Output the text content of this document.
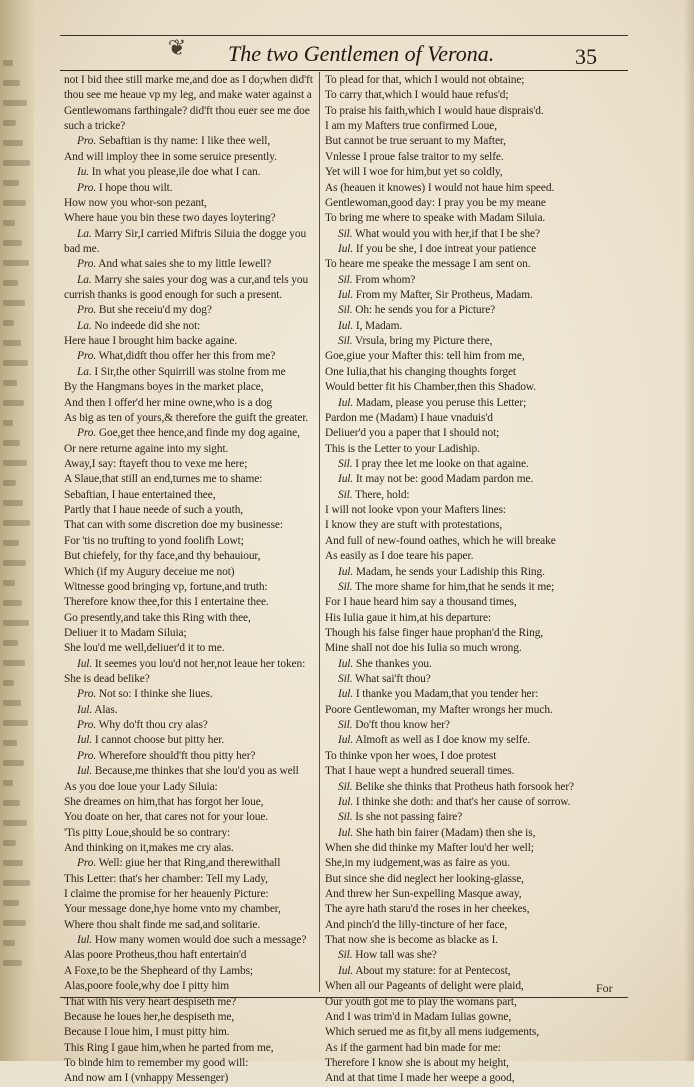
❦ The two Gentlemen of Verona.	35
not I bid thee still marke me,and doe as I do;when did'ft
thou see me heaue vp my leg, and make water against a
Gentlewomans farthingale? did'ft thou euer see me doe
such a tricke?
Pro. Sebaftian is thy name: I like thee well,
And will imploy thee in some seruice presently.
Iu. In what you please,ile doe what I can.
Pro. I hope thou wilt.
How now you whor-son pezant,
Where haue you bin these two dayes loytering?
La. Marry Sir,I carried Miftris Siluia the dogge you
bad me.
Pro. And what saies she to my little Iewell?
La. Marry she saies your dog was a cur,and tels you
currish thanks is good enough for such a present.
Pro. But she receiu'd my dog?
La. No indeede did she not:
Here haue I brought him backe againe.
Pro. What,didft thou offer her this from me?
La. I Sir,the other Squirrill was stolne from me
By the Hangmans boyes in the market place,
And then I offer'd her mine owne,who is a dog
As big as ten of yours,& therefore the guift the greater.
Pro. Goe,get thee hence,and finde my dog againe,
Or nere returne againe into my sight.
Away,I say: ftayeft thou to vexe me here;
A Slaue,that still an end,turnes me to shame:
Sebaftian, I haue entertained thee,
Partly that I haue neede of such a youth,
That can with some discretion doe my businesse:
For 'tis no trufting to yond foolifh Lowt;
But chiefely, for thy face,and thy behauiour,
Which (if my Augury deceiue me not)
Witnesse good bringing vp, fortune,and truth:
Therefore know thee,for this I entertaine thee.
Go presently,and take this Ring with thee,
Deliuer it to Madam Siluia;
She lou'd me well,deliuer'd it to me.
Iul. It seemes you lou'd not her,not leaue her token:
She is dead belike?
Pro. Not so: I thinke she liues.
Iul. Alas.
Pro. Why do'ft thou cry alas?
Iul. I cannot choose but pitty her.
Pro. Wherefore should'ft thou pitty her?
Iul. Because,me thinkes that she lou'd you as well
As you doe loue your Lady Siluia:
She dreames on him,that has forgot her loue,
You doate on her, that cares not for your loue.
'Tis pitty Loue,should be so contrary:
And thinking on it,makes me cry alas.
Pro. Well: giue her that Ring,and therewithall
This Letter: that's her chamber: Tell my Lady,
I claime the promise for her heauenly Picture:
Your message done,hye home vnto my chamber,
Where thou shalt finde me sad,and solitarie.
Iul. How many women would doe such a message?
Alas poore Protheus,thou haft entertain'd
A Foxe,to be the Shepheard of thy Lambs;
Alas,poore foole,why doe I pitty him
That with his very heart despiseth me?
Because he loues her,he despiseth me,
Because I loue him, I must pitty him.
This Ring I gaue him,when he parted from me,
To binde him to remember my good will:
And now am I (vnhappy Messenger)
To plead for that, which I would not obtaine;
To carry that,which I would haue refus'd;
To praise his faith,which I would haue disprais'd.
I am my Mafters true confirmed Loue,
But cannot be true seruant to my Mafter,
Vnlesse I proue false traitor to my selfe.
Yet will I woe for him,but yet so coldly,
As (heauen it knowes) I would not haue him speed.
Gentlewoman,good day: I pray you be my meane
To bring me where to speake with Madam Siluia.
Sil. What would you with her,if that I be she?
Iul. If you be she, I doe intreat your patience
To heare me speake the message I am sent on.
Sil. From whom?
Iul. From my Mafter, Sir Protheus, Madam.
Sil. Oh: he sends you for a Picture?
Iul. I, Madam.
Sil. Vrsula, bring my Picture there,
Goe,giue your Mafter this: tell him from me,
One Iulia,that his changing thoughts forget
Would better fit his Chamber,then this Shadow.
Iul. Madam, please you peruse this Letter;
Pardon me (Madam) I haue vnaduis'd
Deliuer'd you a paper that I should not;
This is the Letter to your Ladiship.
Sil. I pray thee let me looke on that againe.
Iul. It may not be: good Madam pardon me.
Sil. There, hold:
I will not looke vpon your Mafters lines:
I know they are stuft with protestations,
And full of new-found oathes, which he will breake
As easily as I doe teare his paper.
Iul. Madam, he sends your Ladiship this Ring.
Sil. The more shame for him,that he sends it me;
For I haue heard him say a thousand times,
His Iulia gaue it him,at his departure:
Though his false finger haue prophan'd the Ring,
Mine shall not doe his Iulia so much wrong.
Iul. She thankes you.
Sil. What sai'ft thou?
Iul. I thanke you Madam,that you tender her:
Poore Gentlewoman, my Mafter wrongs her much.
Sil. Do'ft thou know her?
Iul. Almoft as well as I doe know my selfe.
To thinke vpon her woes, I doe protest
That I haue wept a hundred seuerall times.
Sil. Belike she thinks that Protheus hath forsook her?
Iul. I thinke she doth: and that's her cause of sorrow.
Sil. Is she not passing faire?
Iul. She hath bin fairer (Madam) then she is,
When she did thinke my Mafter lou'd her well;
She,in my iudgement,was as faire as you.
But since she did neglect her looking-glasse,
And threw her Sun-expelling Masque away,
The ayre hath staru'd the roses in her cheekes,
And pinch'd the lilly-tincture of her face,
That now she is become as blacke as I.
Sil. How tall was she?
Iul. About my stature: for at Pentecost,
When all our Pageants of delight were plaid,
Our youth got me to play the womans part,
And I was trim'd in Madam Iulias gowne,
Which serued me as fit,by all mens iudgements,
As if the garment had bin made for me:
Therefore I know she is about my height,
And at that time I made her weepe a good,
For
